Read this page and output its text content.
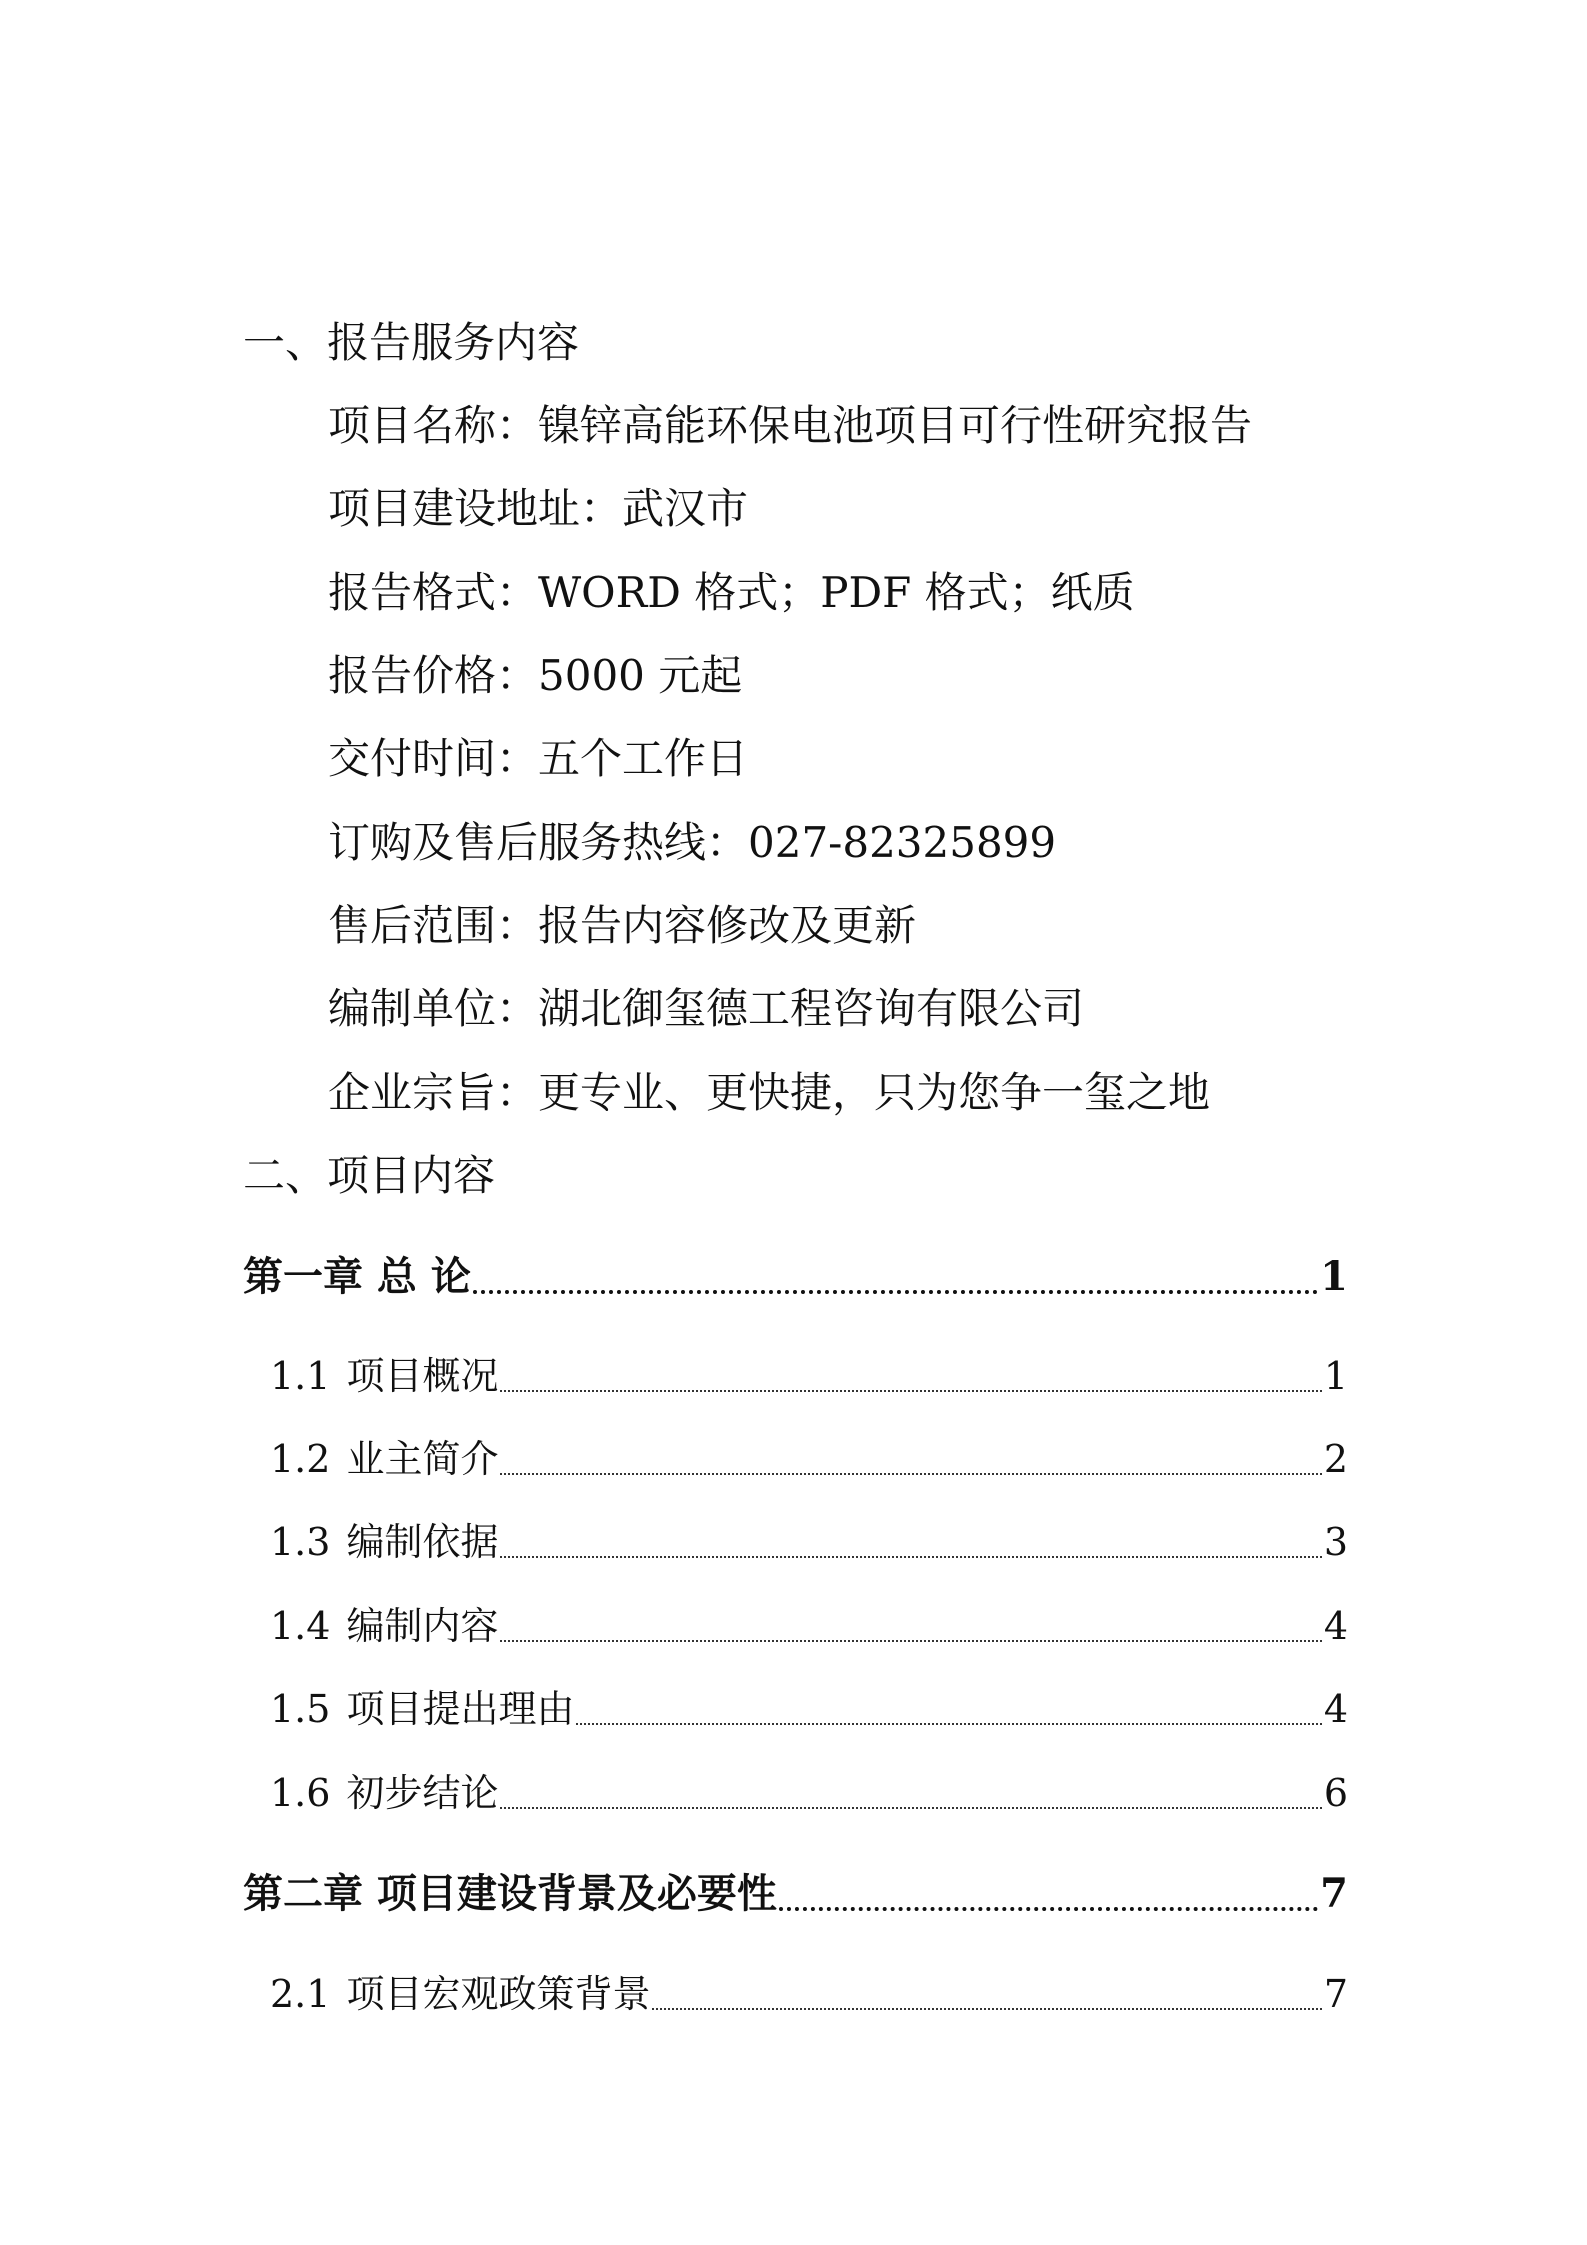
一、报告服务内容
项目名称：镍锌高能环保电池项目可行性研究报告
项目建设地址：武汉市
报告格式：WORD 格式；PDF 格式；纸质
报告价格：5000 元起
交付时间：五个工作日
订购及售后服务热线：027-82325899
售后范围：报告内容修改及更新
编制单位：湖北御玺德工程咨询有限公司
企业宗旨：更专业、更快捷，只为您争一玺之地
二、项目内容
第一章 总 论	1
1.1 项目概况	1
1.2 业主简介	2
1.3 编制依据	3
1.4 编制内容	4
1.5 项目提出理由	4
1.6 初步结论	6
第二章 项目建设背景及必要性	7
2.1 项目宏观政策背景	7
